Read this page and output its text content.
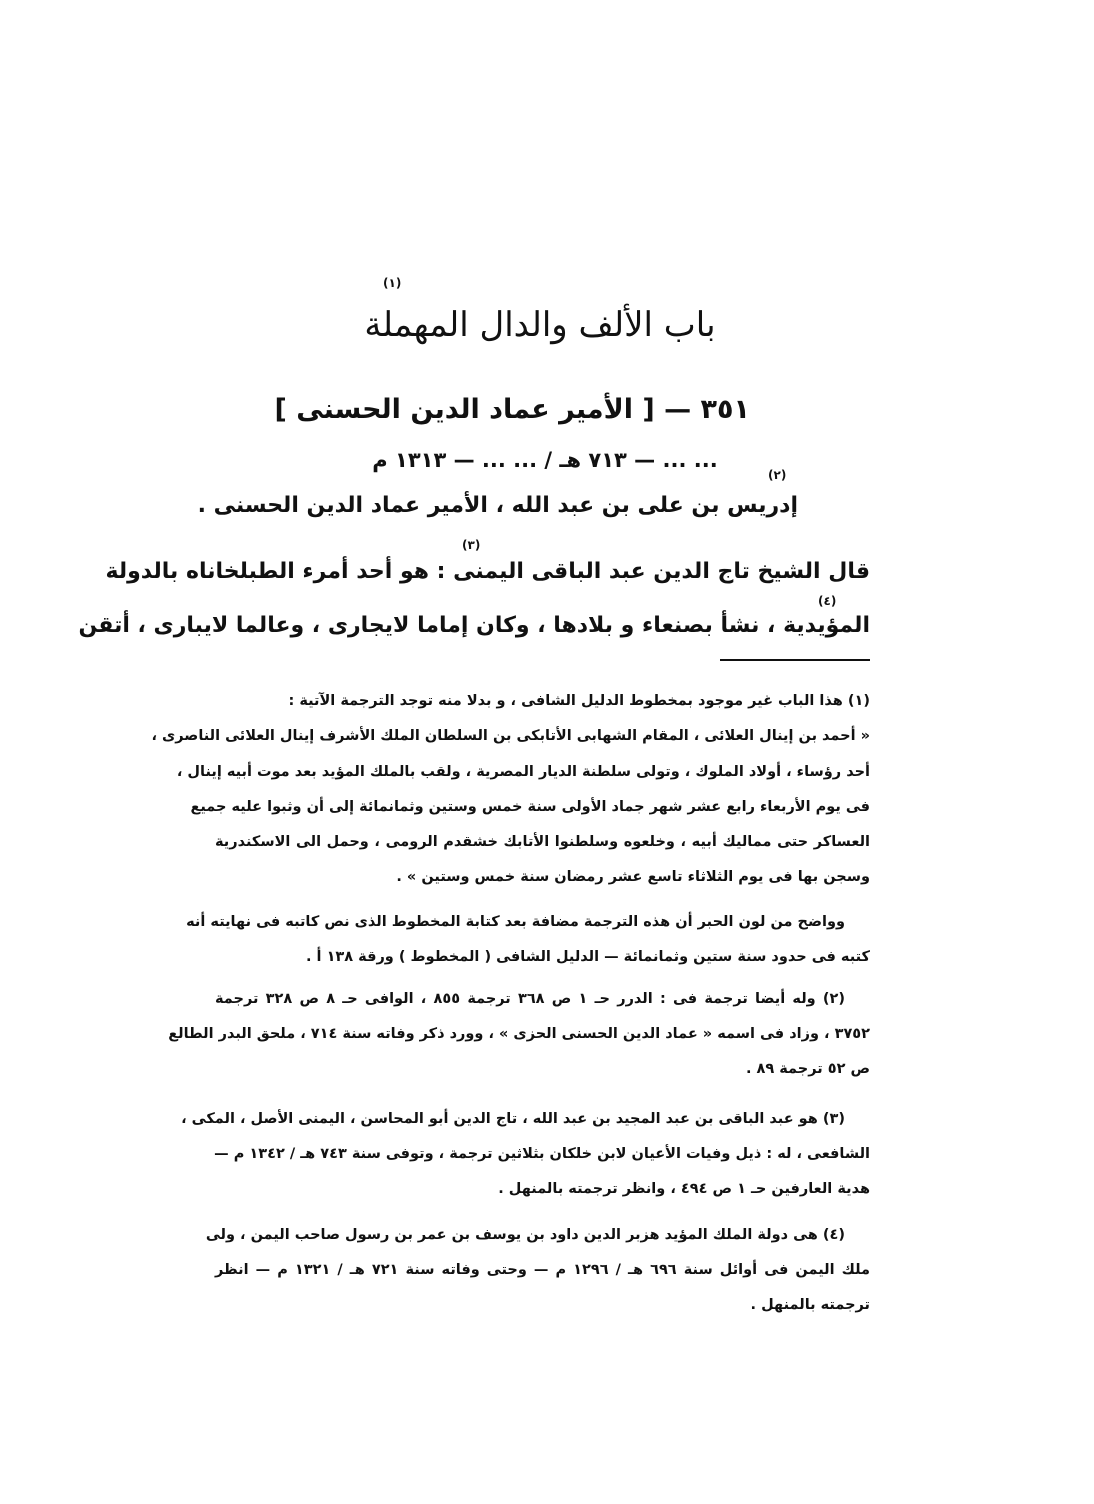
(١)
باب الألف والدال المهملة
٣٥١ — [ الأمير عماد الدين الحسنى ]
... ... — ٧١٣ هـ / ... ... — ١٣١٣ م
(٢)
إدريس بن على بن عبد الله ، الأمير عماد الدين الحسنى .
(٣)
(٤)
قال الشيخ تاج الدين عبد الباقى اليمنى : هو أحد أمرء الطبلخاناه بالدولة
المؤيدية ، نشأ بصنعاء و بلادها ، وكان إماما لايجارى ، وعالما لايبارى ، أتقن
(١) هذا الباب غير موجود بمخطوط الدليل الشافى ، و بدلا منه توجد الترجمة الآتية :
« أحمد بن إينال العلائى ، المقام الشهابى الأتابكى بن السلطان الملك الأشرف إينال العلائى الناصرى ،
أحد رؤساء ، أولاد الملوك ، وتولى سلطنة الديار المصرية ، ولقب بالملك المؤيد بعد موت أبيه إينال ،
فى يوم الأربعاء رابع عشر شهر جماد الأولى سنة خمس وستين وثمانمائة إلى أن وثبوا عليه جميع
العساكر حتى مماليك أبيه ، وخلعوه وسلطنوا الأتابك خشقدم الرومى ، وحمل الى الاسكندرية
وسجن بها فى يوم الثلاثاء تاسع عشر رمضان سنة خمس وستين » .
وواضح من لون الحبر أن هذه الترجمة مضافة بعد كتابة المخطوط الذى نص كاتبه فى نهايته أنه
كتبه فى حدود سنة ستين وثمانمائة — الدليل الشافى ( المخطوط ) ورقة ١٣٨ أ .
(٢) وله أيضا ترجمة فى : الدرر حـ ١ ص ٣٦٨ ترجمة ٨٥٥ ، الوافى حـ ٨ ص ٣٢٨ ترجمة
٣٧٥٢ ، وزاد فى اسمه « عماد الدين الحسنى الحزى » ، وورد ذكر وفاته سنة ٧١٤ ، ملحق البدر الطالع
ص ٥٢ ترجمة ٨٩ .
(٣) هو عبد الباقى بن عبد المجيد بن عبد الله ، تاج الدين أبو المحاسن ، اليمنى الأصل ، المكى ،
الشافعى ، له : ذيل وفيات الأعيان لابن خلكان بثلاثين ترجمة ، وتوفى سنة ٧٤٣ هـ / ١٣٤٢ م —
هدية العارفين حـ ١ ص ٤٩٤ ، وانظر ترجمته بالمنهل .
(٤) هى دولة الملك المؤيد هزبر الدين داود بن يوسف بن عمر بن رسول صاحب اليمن ، ولى
ملك اليمن فى أوائل سنة ٦٩٦ هـ / ١٢٩٦ م — وحتى وفاته سنة ٧٢١ هـ / ١٣٢١ م — انظر
ترجمته بالمنهل .
